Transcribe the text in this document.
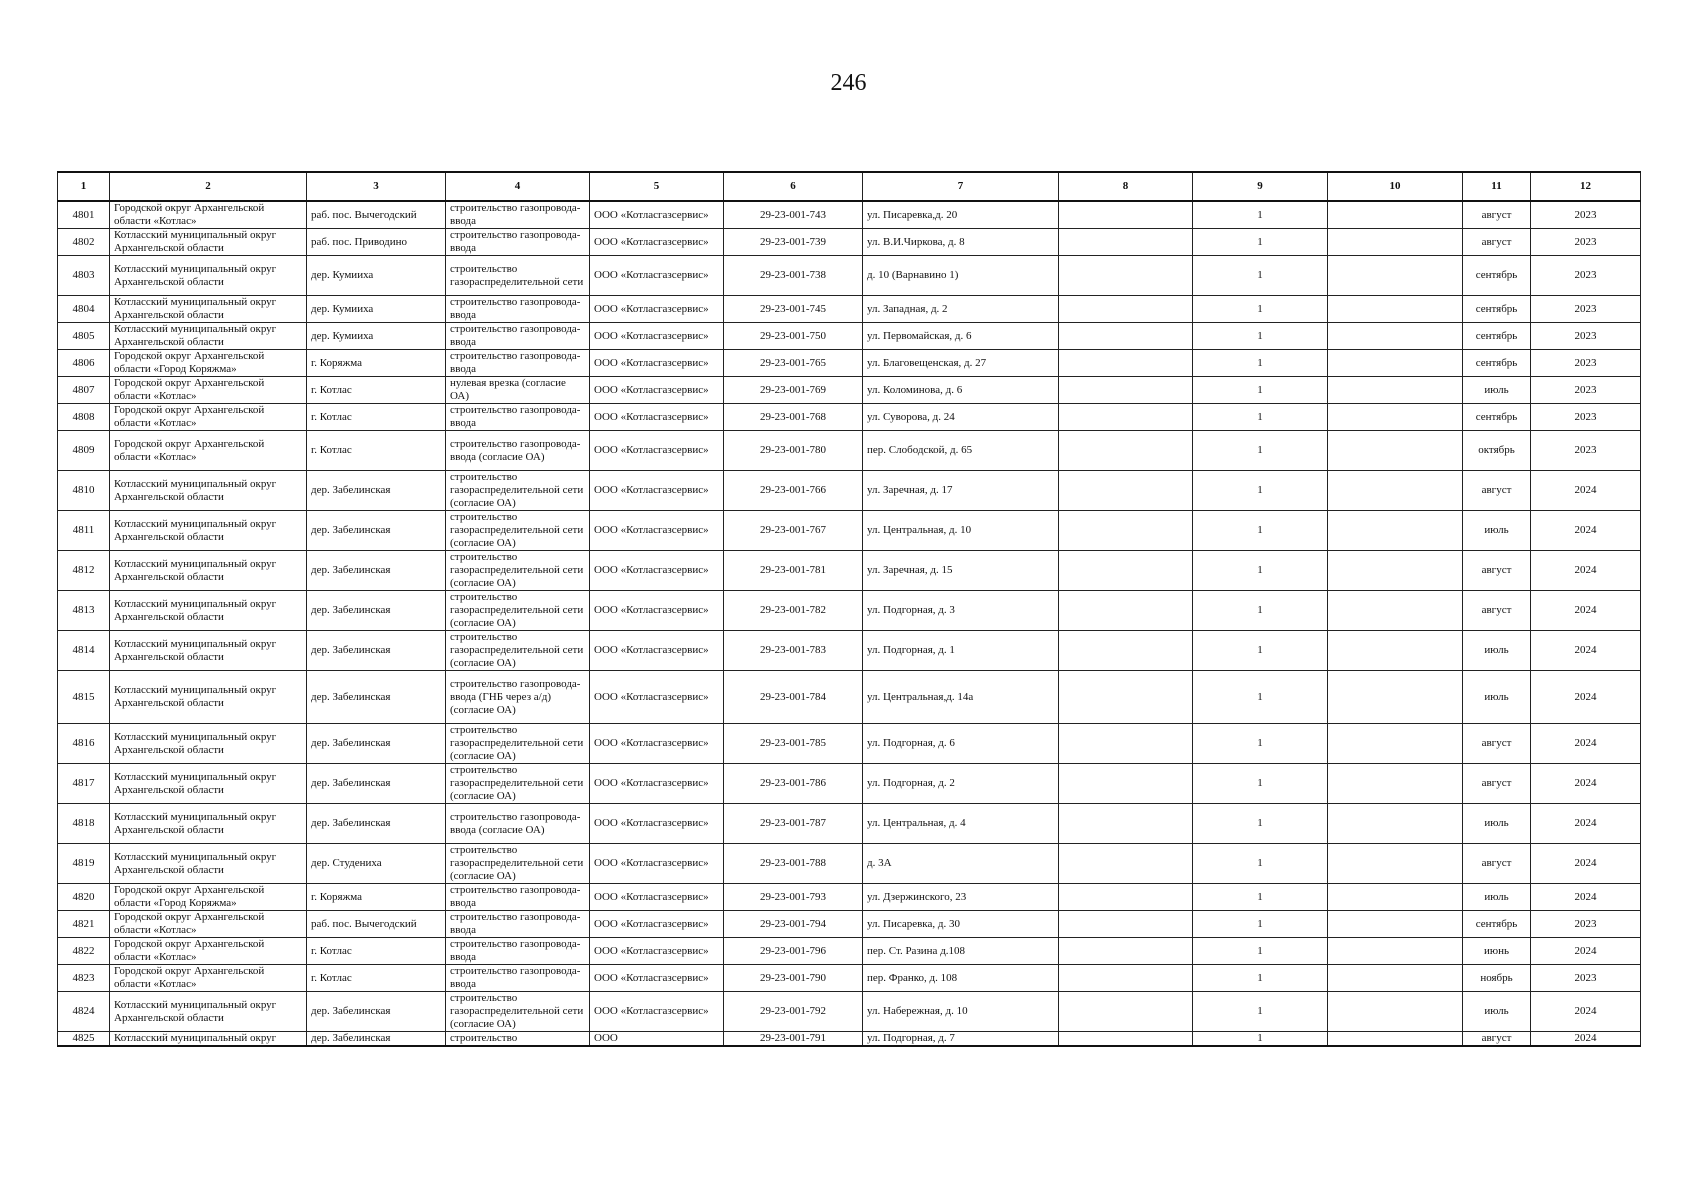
246
1	2	3	4	5	6	7	8	9	10	11	12
4801	Городской округ Архангельской области «Котлас»	раб. пос. Вычегодский	строительство газопровода-ввода	ООО «Котласгазсервис»	29-23-001-743	ул. Писаревка,д. 20		1		август	2023
4802	Котласский муниципальный округ Архангельской области	раб. пос. Приводино	строительство газопровода-ввода	ООО «Котласгазсервис»	29-23-001-739	ул. В.И.Чиркова, д. 8		1		август	2023
4803	Котласский муниципальный округ Архангельской области	дер. Кумииха	строительство газораспределительной сети	ООО «Котласгазсервис»	29-23-001-738	д. 10 (Варнавино 1)		1		сентябрь	2023
4804	Котласский муниципальный округ Архангельской области	дер. Кумииха	строительство газопровода-ввода	ООО «Котласгазсервис»	29-23-001-745	ул. Западная, д. 2		1		сентябрь	2023
4805	Котласский муниципальный округ Архангельской области	дер. Кумииха	строительство газопровода-ввода	ООО «Котласгазсервис»	29-23-001-750	ул. Первомайская, д. 6		1		сентябрь	2023
4806	Городской округ Архангельской области «Город Коряжма»	г. Коряжма	строительство газопровода-ввода	ООО «Котласгазсервис»	29-23-001-765	ул. Благовещенская, д. 27		1		сентябрь	2023
4807	Городской округ Архангельской области «Котлас»	г. Котлас	нулевая врезка (согласие ОА)	ООО «Котласгазсервис»	29-23-001-769	ул. Коломинова, д. 6		1		июль	2023
4808	Городской округ Архангельской области «Котлас»	г. Котлас	строительство газопровода-ввода	ООО «Котласгазсервис»	29-23-001-768	ул. Суворова, д. 24		1		сентябрь	2023
4809	Городской округ Архангельской области «Котлас»	г. Котлас	строительство газопровода-ввода (согласие ОА)	ООО «Котласгазсервис»	29-23-001-780	пер. Слободской, д. 65		1		октябрь	2023
4810	Котласский муниципальный округ Архангельской области	дер. Забелинская	строительство газораспределительной сети (согласие ОА)	ООО «Котласгазсервис»	29-23-001-766	ул. Заречная, д. 17		1		август	2024
4811	Котласский муниципальный округ Архангельской области	дер. Забелинская	строительство газораспределительной сети (согласие ОА)	ООО «Котласгазсервис»	29-23-001-767	ул. Центральная, д. 10		1		июль	2024
4812	Котласский муниципальный округ Архангельской области	дер. Забелинская	строительство газораспределительной сети (согласие ОА)	ООО «Котласгазсервис»	29-23-001-781	ул. Заречная, д. 15		1		август	2024
4813	Котласский муниципальный округ Архангельской области	дер. Забелинская	строительство газораспределительной сети (согласие ОА)	ООО «Котласгазсервис»	29-23-001-782	ул. Подгорная, д. 3		1		август	2024
4814	Котласский муниципальный округ Архангельской области	дер. Забелинская	строительство газораспределительной сети (согласие ОА)	ООО «Котласгазсервис»	29-23-001-783	ул. Подгорная, д. 1		1		июль	2024
4815	Котласский муниципальный округ Архангельской области	дер. Забелинская	строительство газопровода-ввода (ГНБ через а/д) (согласие ОА)	ООО «Котласгазсервис»	29-23-001-784	ул. Центральная,д. 14а		1		июль	2024
4816	Котласский муниципальный округ Архангельской области	дер. Забелинская	строительство газораспределительной сети (согласие ОА)	ООО «Котласгазсервис»	29-23-001-785	ул. Подгорная, д. 6		1		август	2024
4817	Котласский муниципальный округ Архангельской области	дер. Забелинская	строительство газораспределительной сети (согласие ОА)	ООО «Котласгазсервис»	29-23-001-786	ул. Подгорная, д. 2		1		август	2024
4818	Котласский муниципальный округ Архангельской области	дер. Забелинская	строительство газопровода-ввода (согласие ОА)	ООО «Котласгазсервис»	29-23-001-787	ул. Центральная, д. 4		1		июль	2024
4819	Котласский муниципальный округ Архангельской области	дер. Студениха	строительство газораспределительной сети (согласие ОА)	ООО «Котласгазсервис»	29-23-001-788	д. 3А		1		август	2024
4820	Городской округ Архангельской области «Город Коряжма»	г. Коряжма	строительство газопровода-ввода	ООО «Котласгазсервис»	29-23-001-793	ул. Дзержинского, 23		1		июль	2024
4821	Городской округ Архангельской области «Котлас»	раб. пос. Вычегодский	строительство газопровода-ввода	ООО «Котласгазсервис»	29-23-001-794	ул. Писаревка, д. 30		1		сентябрь	2023
4822	Городской округ Архангельской области «Котлас»	г. Котлас	строительство газопровода-ввода	ООО «Котласгазсервис»	29-23-001-796	пер. Ст. Разина д.108		1		июнь	2024
4823	Городской округ Архангельской области «Котлас»	г. Котлас	строительство газопровода-ввода	ООО «Котласгазсервис»	29-23-001-790	пер. Франко, д. 108		1		ноябрь	2023
4824	Котласский муниципальный округ Архангельской области	дер. Забелинская	строительство газораспределительной сети (согласие ОА)	ООО «Котласгазсервис»	29-23-001-792	ул. Набережная, д. 10		1		июль	2024
4825	Котласский муниципальный округ	дер. Забелинская	строительство	ООО	29-23-001-791	ул. Подгорная, д. 7		1		август	2024
